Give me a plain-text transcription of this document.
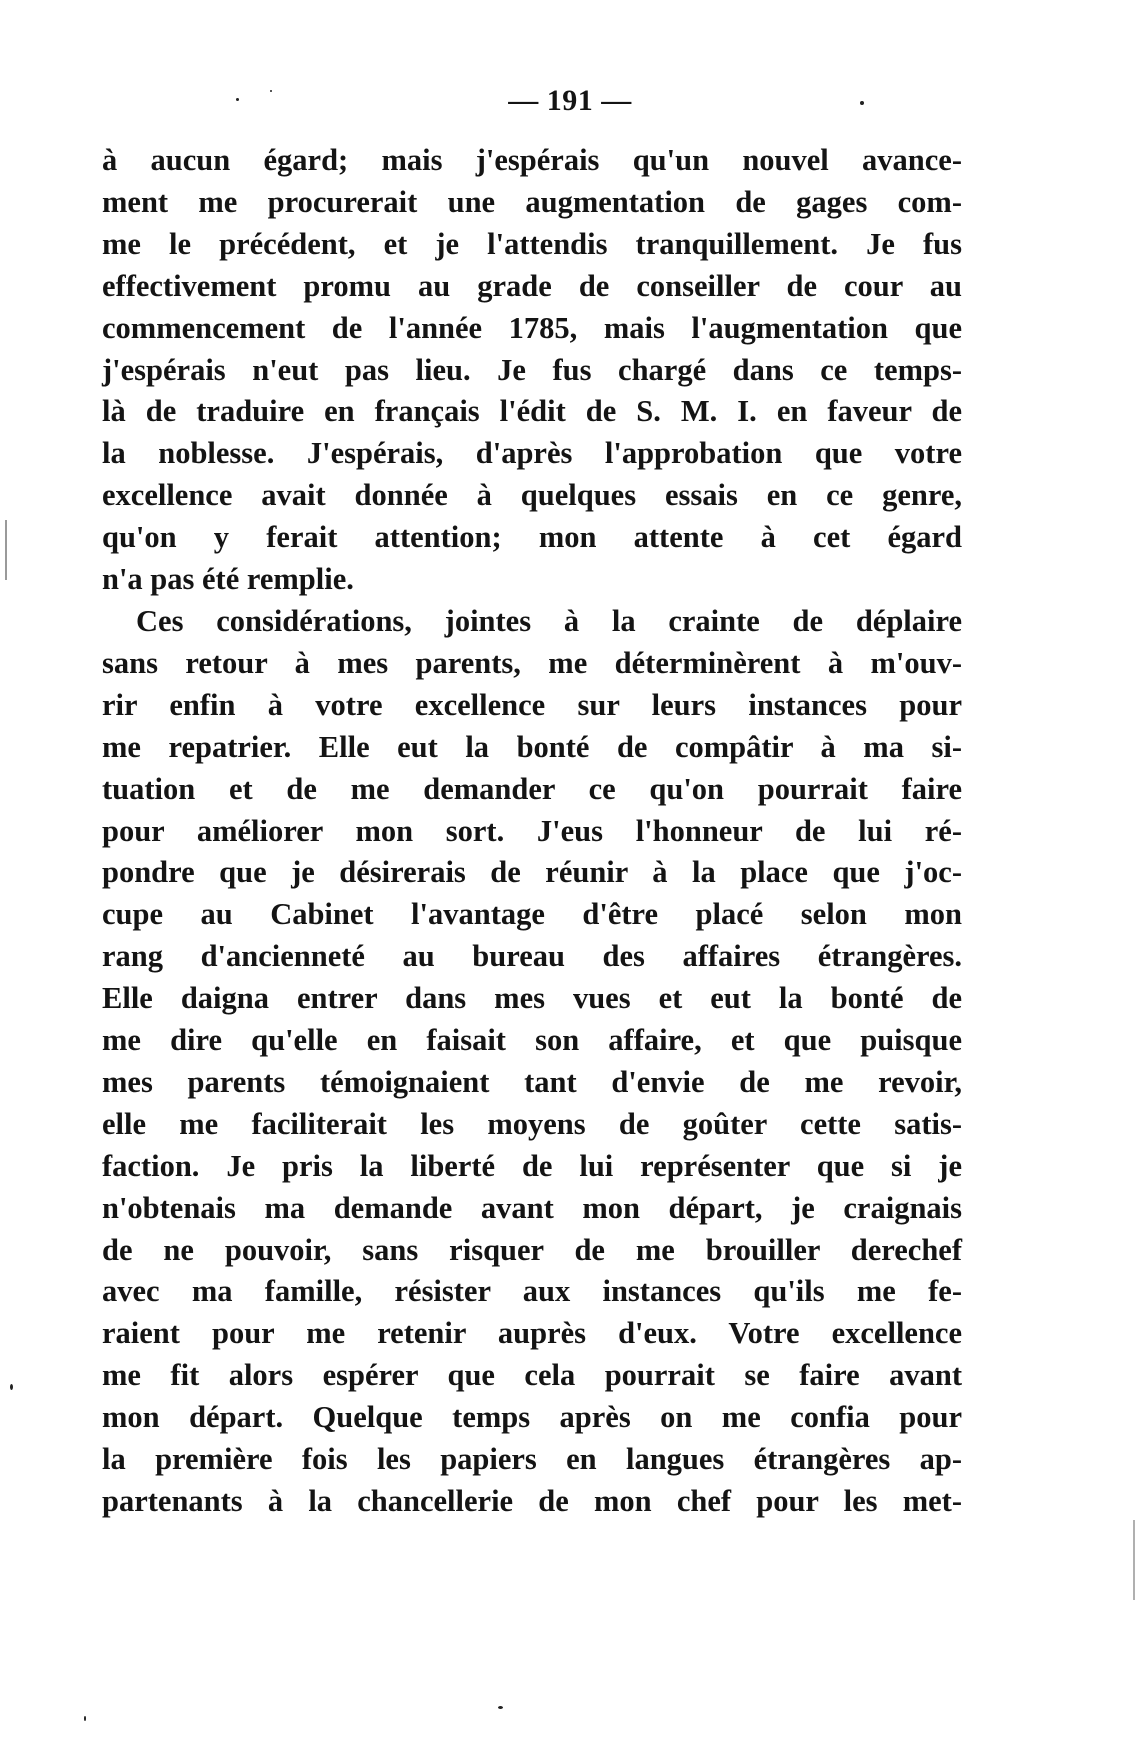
— 191 —
à aucun égard; mais j'espérais qu'un nouvel avance-
ment me procurerait une augmentation de gages com-
me le précédent, et je l'attendis tranquillement. Je fus
effectivement promu au grade de conseiller de cour au
commencement de l'année 1785, mais l'augmentation que
j'espérais n'eut pas lieu. Je fus chargé dans ce temps-
là de traduire en français l'édit de S. M. I. en faveur de
la noblesse. J'espérais, d'après l'approbation que votre
excellence avait donnée à quelques essais en ce genre,
qu'on y ferait attention; mon attente à cet égard
n'a pas été remplie.
Ces considérations, jointes à la crainte de déplaire
sans retour à mes parents, me déterminèrent à m'ouv-
rir enfin à votre excellence sur leurs instances pour
me repatrier. Elle eut la bonté de compâtir à ma si-
tuation et de me demander ce qu'on pourrait faire
pour améliorer mon sort. J'eus l'honneur de lui ré-
pondre que je désirerais de réunir à la place que j'oc-
cupe au Cabinet l'avantage d'être placé selon mon
rang d'ancienneté au bureau des affaires étrangères.
Elle daigna entrer dans mes vues et eut la bonté de
me dire qu'elle en faisait son affaire, et que puisque
mes parents témoignaient tant d'envie de me revoir,
elle me faciliterait les moyens de goûter cette satis-
faction. Je pris la liberté de lui représenter que si je
n'obtenais ma demande avant mon départ, je craignais
de ne pouvoir, sans risquer de me brouiller derechef
avec ma famille, résister aux instances qu'ils me fe-
raient pour me retenir auprès d'eux. Votre excellence
me fit alors espérer que cela pourrait se faire avant
mon départ. Quelque temps après on me confia pour
la première fois les papiers en langues étrangères ap-
partenants à la chancellerie de mon chef pour les met-
